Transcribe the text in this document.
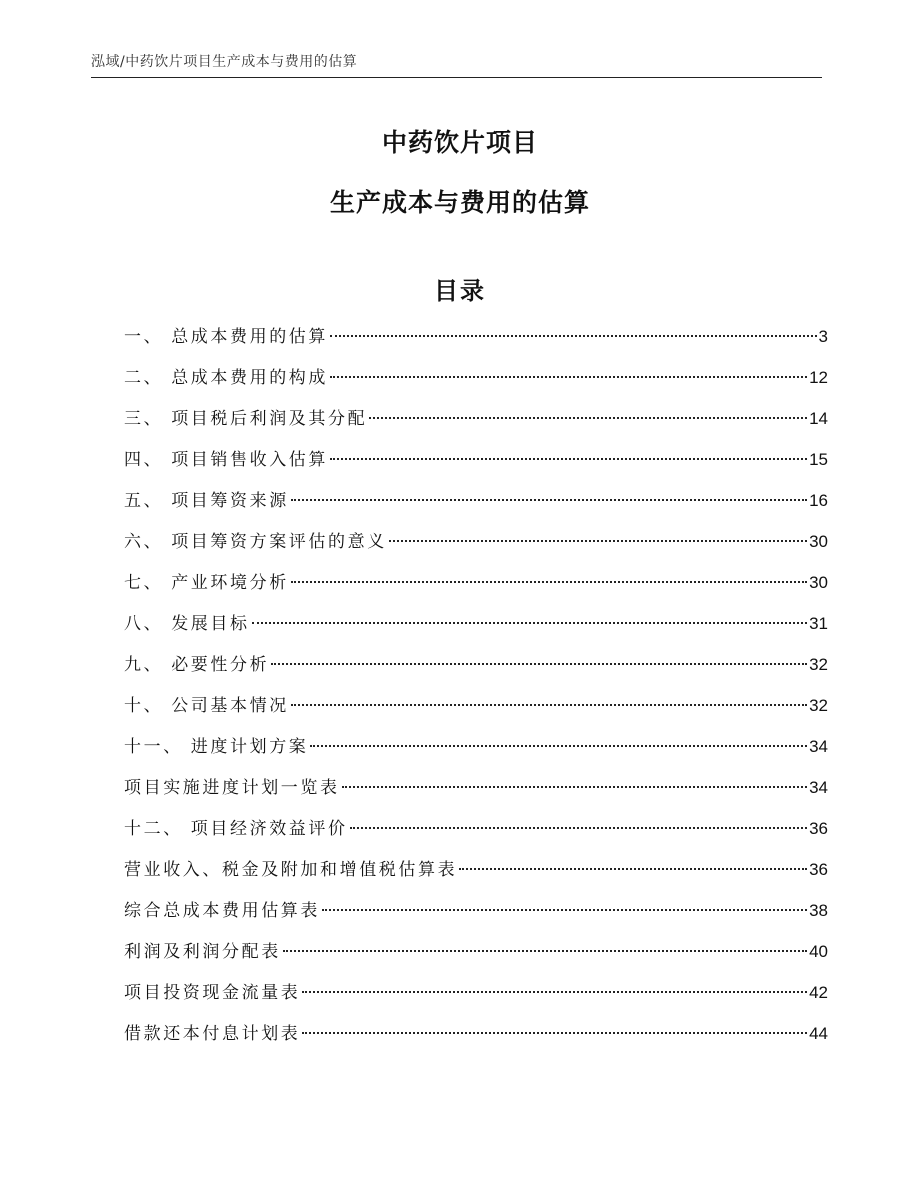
泓域/中药饮片项目生产成本与费用的估算
中药饮片项目
生产成本与费用的估算
目录
一、 总成本费用的估算	3
二、 总成本费用的构成	12
三、 项目税后利润及其分配	14
四、 项目销售收入估算	15
五、 项目筹资来源	16
六、 项目筹资方案评估的意义	30
七、 产业环境分析	30
八、 发展目标	31
九、 必要性分析	32
十、 公司基本情况	32
十一、 进度计划方案	34
项目实施进度计划一览表	34
十二、 项目经济效益评价	36
营业收入、税金及附加和增值税估算表	36
综合总成本费用估算表	38
利润及利润分配表	40
项目投资现金流量表	42
借款还本付息计划表	44
